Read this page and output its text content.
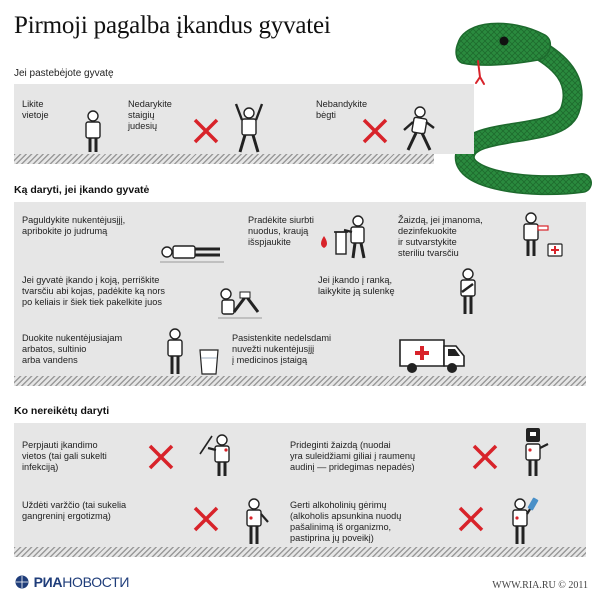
Pirmoji pagalba įkandus gyvatei
Jei pastebėjote gyvatę
Likite
vietoje
Nedarykite
staigių
judesių
Nebandykite
bėgti
Ką daryti, jei įkando gyvatė
Paguldykite nukentėjusįjį,
apribokite jo judrumą
Pradėkite siurbti
nuodus, kraują
išspjaukite
Žaizdą, jei įmanoma,
dezinfekuokite
ir sutvarstykite
steriliu tvarsčiu
Jei gyvatė įkando į koją, perriškite
tvarsčiu abi kojas, padėkite ką nors
po keliais ir šiek tiek pakelkite juos
Jei įkando į ranką,
laikykite ją sulenkę
Duokite nukentėjusiajam
arbatos, sultinio
arba vandens
Pasistenkite nedelsdami
nuvežti nukentėjusįjį
į medicinos įstaigą
Ko nereikėtų daryti
Perpjauti įkandimo
vietos (tai gali sukelti
infekciją)
Prideginti žaizdą (nuodai
yra suleidžiami giliai į raumenų
audinį — pridegimas nepadės)
Uždėti varžčio (tai sukelia
gangreninį ergotizmą)
Gerti alkoholinių gėrimų
(alkoholis apsunkina nuodų
pašalinimą iš organizmo,
pastiprina jų poveikį)
РИАНОВОСТИ	WWW.RIA.RU © 2011
